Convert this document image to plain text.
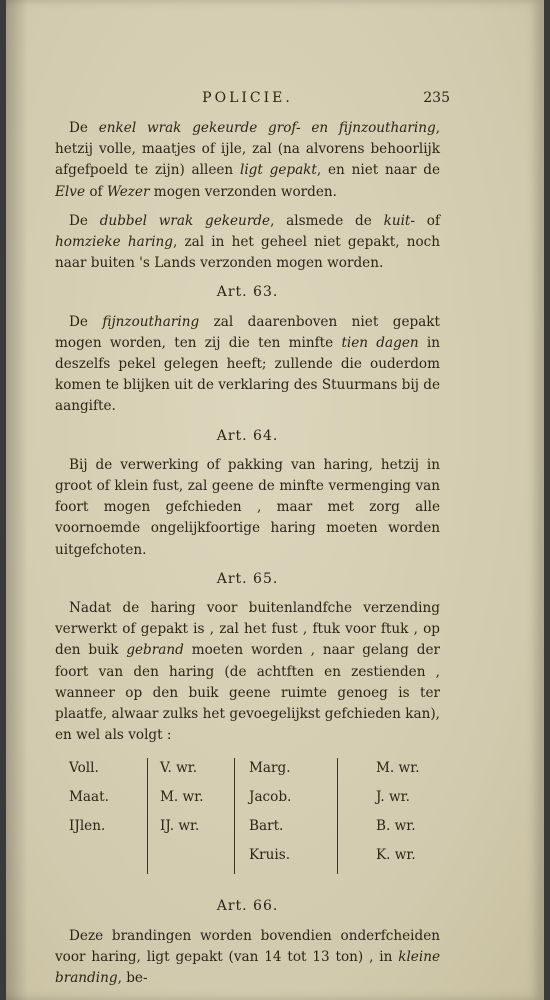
POLICIE.	235

De enkel wrak gekeurde grof- en fijnzoutharing, hetzij volle, maatjes of ijle, zal (na alvorens behoorlijk afgefpoeld te zijn) alleen ligt gepakt, en niet naar de Elve of Wezer mogen verzonden worden.

De dubbel wrak gekeurde, alsmede de kuit- of homzieke haring, zal in het geheel niet gepakt, noch naar buiten 's Lands verzonden mogen worden.

Art. 63.

De fijnzoutharing zal daarenboven niet gepakt mogen worden, ten zij die ten minfte tien dagen in deszelfs pekel gelegen heeft; zullende die ouderdom komen te blijken uit de verklaring des Stuurmans bij de aangifte.

Art. 64.

Bij de verwerking of pakking van haring, hetzij in groot of klein fust, zal geene de minfte vermenging van foort mogen gefchieden , maar met zorg alle voornoemde ongelijkfoortige haring moeten worden uitgefchoten.

Art. 65.

Nadat de haring voor buitenlandfche verzending verwerkt of gepakt is , zal het fust , ftuk voor ftuk , op den buik gebrand moeten worden , naar gelang der foort van den haring (de achtften en zestienden , wanneer op den buik geene ruimte genoeg is ter plaatfe, alwaar zulks het gevoegelijkst gefchieden kan), en wel als volgt :

Voll.	V. wr.	Marg.	M. wr.
Maat.	M. wr.	Jacob.	J. wr.
IJlen.	IJ. wr.	Bart.	B. wr.
		Kruis.	K. wr.
Art. 66.

Deze brandingen worden bovendien onderfcheiden voor haring, ligt gepakt (van 14 tot 13 ton) , in kleine branding, be-
